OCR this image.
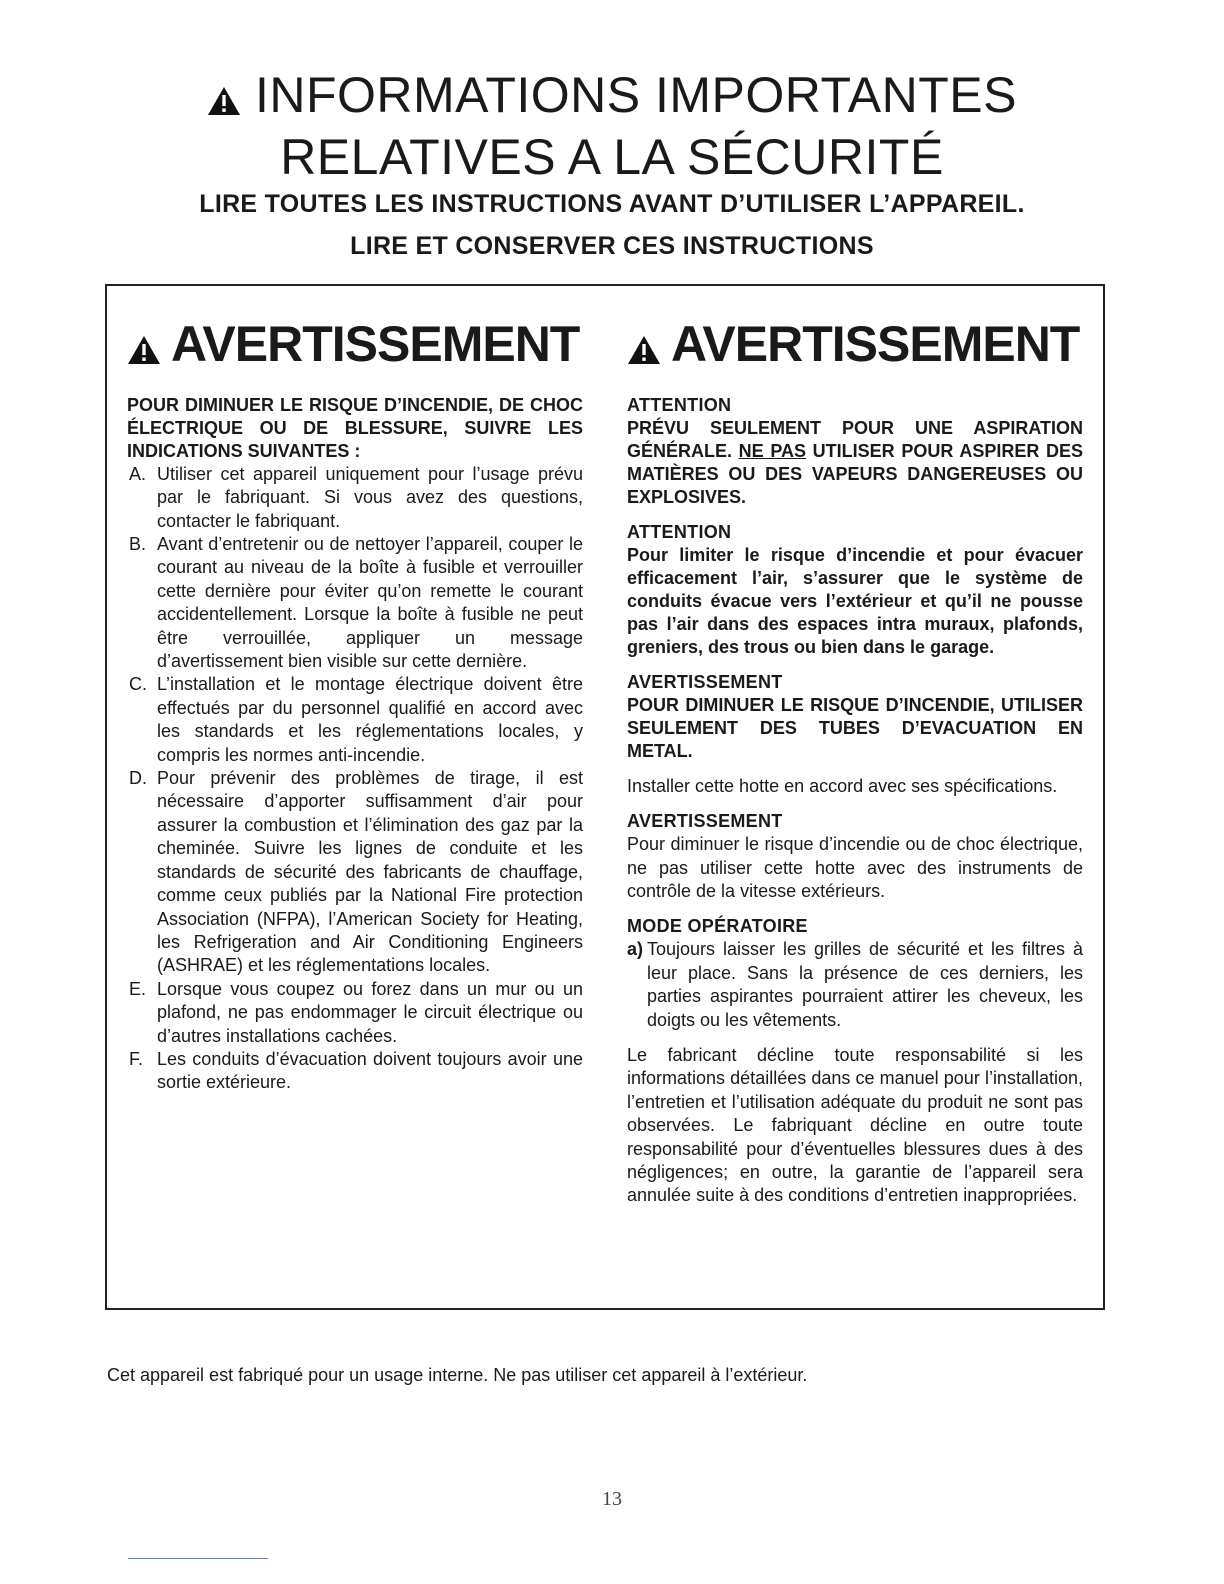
INFORMATIONS IMPORTANTES
RELATIVES A LA SÉCURITÉ

LIRE TOUTES LES INSTRUCTIONS AVANT D’UTILISER L’APPAREIL.

LIRE ET CONSERVER CES INSTRUCTIONS

AVERTISSEMENT

POUR DIMINUER LE RISQUE D’INCENDIE, DE CHOC ÉLECTRIQUE OU DE BLESSURE, SUIVRE LES INDICATIONS SUIVANTES :

A. Utiliser cet appareil uniquement pour l’usage prévu par le fabriquant. Si vous avez des questions, contacter le fabriquant.
B. Avant d’entretenir ou de nettoyer l’appareil, couper le courant au niveau de la boîte à fusible et verrouiller cette dernière pour éviter qu’on remette le courant accidentellement. Lorsque la boîte à fusible ne peut être verrouillée, appliquer un message d’avertissement bien visible sur cette dernière.
C. L’installation et le montage électrique doivent être effectués par du personnel qualifié en accord avec les standards et les réglementations locales, y compris les normes anti-incendie.
D. Pour prévenir des problèmes de tirage, il est nécessaire d’apporter suffisamment d’air pour assurer la combustion et l’élimination des gaz par la cheminée. Suivre les lignes de conduite et les standards de sécurité des fabricants de chauffage, comme ceux publiés par la National Fire protection Association (NFPA), l’American Society for Heating, les Refrigeration and Air Conditioning Engineers (ASHRAE) et les réglementations locales.
E. Lorsque vous coupez ou forez dans un mur ou un plafond, ne pas endommager le circuit électrique ou d’autres installations cachées.
F. Les conduits d’évacuation doivent toujours avoir une sortie extérieure.
AVERTISSEMENT

ATTENTION

PRÉVU SEULEMENT POUR UNE ASPIRATION GÉNÉRALE. NE PAS UTILISER POUR ASPIRER DES MATIÈRES OU DES VAPEURS DANGEREUSES OU EXPLOSIVES.

ATTENTION

Pour limiter le risque d’incendie et pour évacuer efficacement l’air, s’assurer que le système de conduits évacue vers l’extérieur et qu’il ne pousse pas l’air dans des espaces intra muraux, plafonds, greniers, des trous ou bien dans le garage.

AVERTISSEMENT

POUR DIMINUER LE RISQUE D’INCENDIE, UTILISER SEULEMENT DES TUBES D’EVACUATION EN METAL.

Installer cette hotte en accord avec ses spécifications.

AVERTISSEMENT

Pour diminuer le risque d’incendie ou de choc électrique, ne pas utiliser cette hotte avec des instruments de contrôle de la vitesse extérieurs.

MODE OPÉRATOIRE

a) Toujours laisser les grilles de sécurité et les filtres à leur place. Sans la présence de ces derniers, les parties aspirantes pourraient attirer les cheveux, les doigts ou les vêtements.

Le fabricant décline toute responsabilité si les informations détaillées dans ce manuel pour l’installation, l’entretien et l’utilisation adéquate du produit ne sont pas observées. Le fabriquant décline en outre toute responsabilité pour d’éventuelles blessures dues à des négligences; en outre, la garantie de l’appareil sera annulée suite à des conditions d’entretien inappropriées.

Cet appareil est fabriqué pour un usage interne. Ne pas utiliser cet appareil à l’extérieur.

13
